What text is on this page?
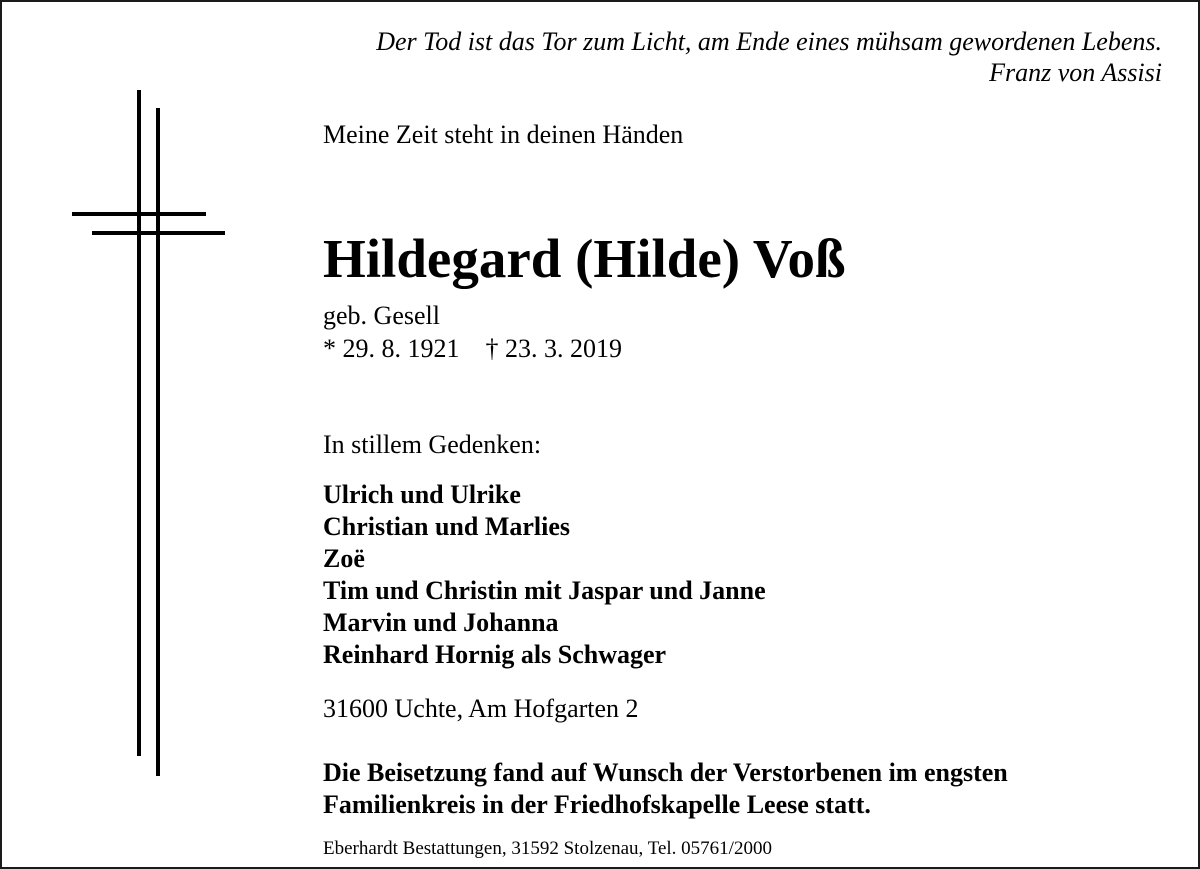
Der Tod ist das Tor zum Licht, am Ende eines mühsam gewordenen Lebens.
Franz von Assisi
Meine Zeit steht in deinen Händen
Hildegard (Hilde) Voß
geb. Gesell
* 29. 8. 1921    † 23. 3. 2019
In stillem Gedenken:
Ulrich und Ulrike
Christian und Marlies
Zoë
Tim und Christin mit Jaspar und Janne
Marvin und Johanna
Reinhard Hornig als Schwager
31600 Uchte, Am Hofgarten 2
Die Beisetzung fand auf Wunsch der Verstorbenen im engsten
Familienkreis in der Friedhofskapelle Leese statt.
Eberhardt Bestattungen, 31592 Stolzenau, Tel. 05761/2000
